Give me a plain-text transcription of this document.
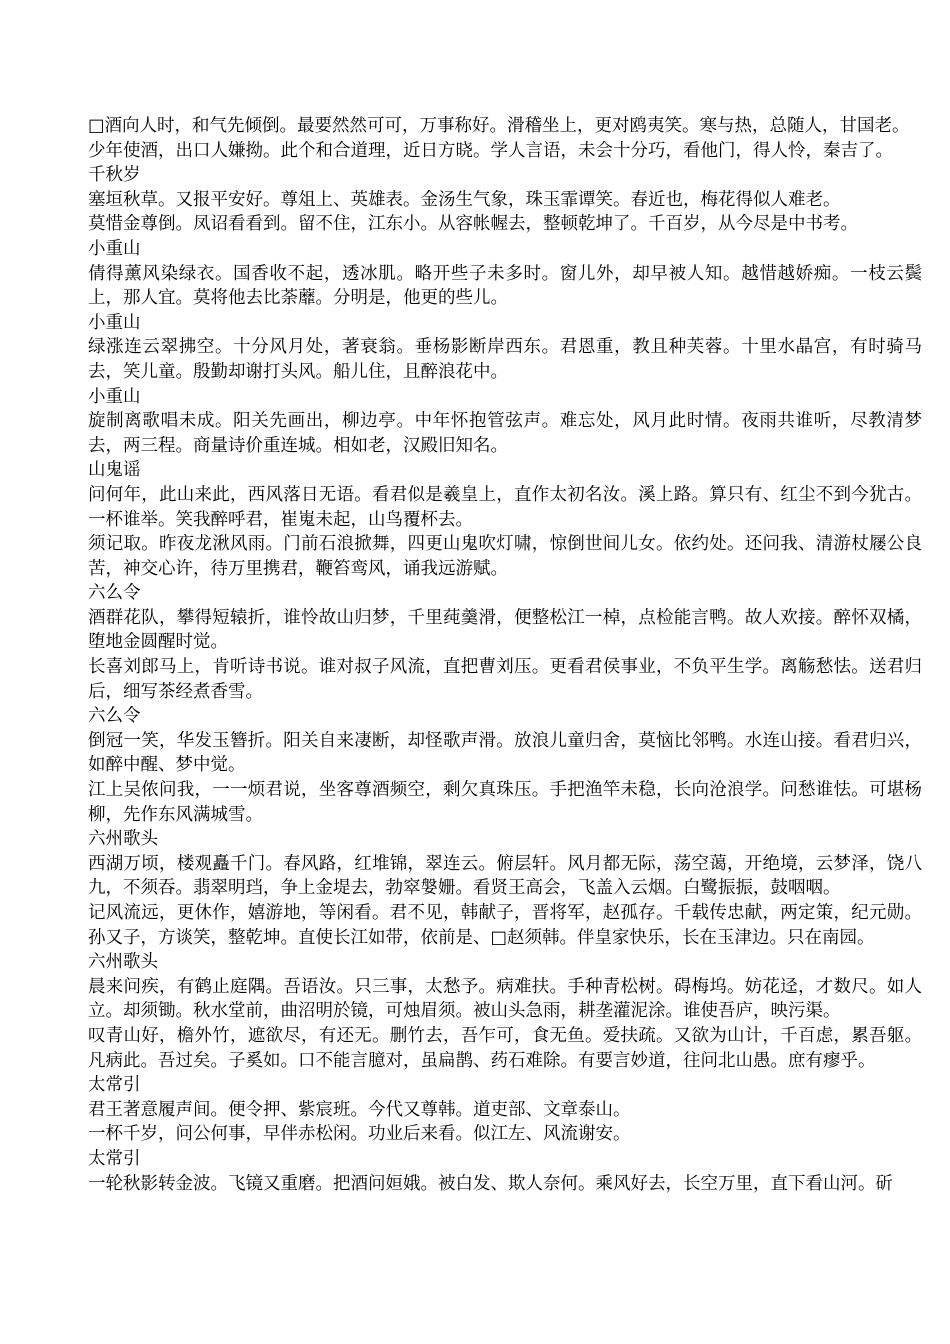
□酒向人时，和气先倾倒。最要然然可可，万事称好。滑稽坐上，更对鸥夷笑。寒与热，总随人，甘国老。

少年使酒，出口人嫌拗。此个和合道理，近日方晓。学人言语，未会十分巧，看他门，得人怜，秦吉了。

千秋岁

塞垣秋草。又报平安好。尊俎上、英雄表。金汤生气象，珠玉霏谭笑。春近也，梅花得似人难老。

莫惜金尊倒。凤诏看看到。留不住，江东小。从容帐幄去，整顿乾坤了。千百岁，从今尽是中书考。

小重山

倩得薰风染绿衣。国香收不起，透冰肌。略开些子未多时。窗儿外，却早被人知。越惜越娇痴。一枝云鬓上，那人宜。莫将他去比荼蘼。分明是，他更的些儿。

小重山

绿涨连云翠拂空。十分风月处，著衰翁。垂杨影断岸西东。君恩重，教且种芙蓉。十里水晶宫，有时骑马去，笑儿童。殷勤却谢打头风。船儿住，且醉浪花中。

小重山

旋制离歌唱未成。阳关先画出，柳边亭。中年怀抱管弦声。难忘处，风月此时情。夜雨共谁听，尽教清梦去，两三程。商量诗价重连城。相如老，汉殿旧知名。

山鬼谣

问何年，此山来此，西风落日无语。看君似是羲皇上，直作太初名汝。溪上路。算只有、红尘不到今犹古。一杯谁举。笑我醉呼君，崔嵬未起，山鸟覆杯去。

须记取。昨夜龙湫风雨。门前石浪掀舞，四更山鬼吹灯啸，惊倒世间儿女。依约处。还问我、清游杖屦公良苦，神交心许，待万里携君，鞭笞鸾风，诵我远游赋。

六么令

酒群花队，攀得短辕折，谁怜故山归梦，千里莼羹滑，便整松江一棹，点检能言鸭。故人欢接。醉怀双橘，堕地金圆醒时觉。

长喜刘郎马上，肯听诗书说。谁对叔子风流，直把曹刘压。更看君侯事业，不负平生学。离觞愁怯。送君归后，细写茶经煮香雪。

六么令

倒冠一笑，华发玉簪折。阳关自来凄断，却怪歌声滑。放浪儿童归舍，莫恼比邻鸭。水连山接。看君归兴，如醉中醒、梦中觉。

江上吴侬问我，一一烦君说，坐客尊酒频空，剩欠真珠压。手把渔竿未稳，长向沧浪学。问愁谁怯。可堪杨柳，先作东风满城雪。

六州歌头

西湖万顷，楼观矗千门。春风路，红堆锦，翠连云。俯层轩。风月都无际，荡空蔼，开绝境，云梦泽，饶八九，不须吞。翡翠明珰，争上金堤去，勃窣媻姗。看贤王高会，飞盖入云烟。白鹭振振，鼓咽咽。

记风流远，更休作，嬉游地，等闲看。君不见，韩献子，晋将军，赵孤存。千载传忠献，两定策，纪元勋。孙又子，方谈笑，整乾坤。直使长江如带，依前是、□赵须韩。伴皇家快乐，长在玉津边。只在南园。

六州歌头

晨来问疾，有鹤止庭隅。吾语汝。只三事，太愁予。病难扶。手种青松树。碍梅坞。妨花迳，才数尺。如人立。却须锄。秋水堂前，曲沼明於镜，可烛眉须。被山头急雨，耕垄灌泥涂。谁使吾庐，映污渠。

叹青山好，檐外竹，遮欲尽，有还无。删竹去，吾乍可，食无鱼。爱扶疏。又欲为山计，千百虑，累吾躯。凡病此。吾过矣。子奚如。口不能言臆对，虽扁鹊、药石难除。有要言妙道，往问北山愚。庶有瘳乎。

太常引

君王著意履声间。便令押、紫宸班。今代又尊韩。道吏部、文章泰山。

一杯千岁，问公何事，早伴赤松闲。功业后来看。似江左、风流谢安。

太常引

一轮秋影转金波。飞镜又重磨。把酒问姮娥。被白发、欺人奈何。乘风好去，长空万里，直下看山河。斫
